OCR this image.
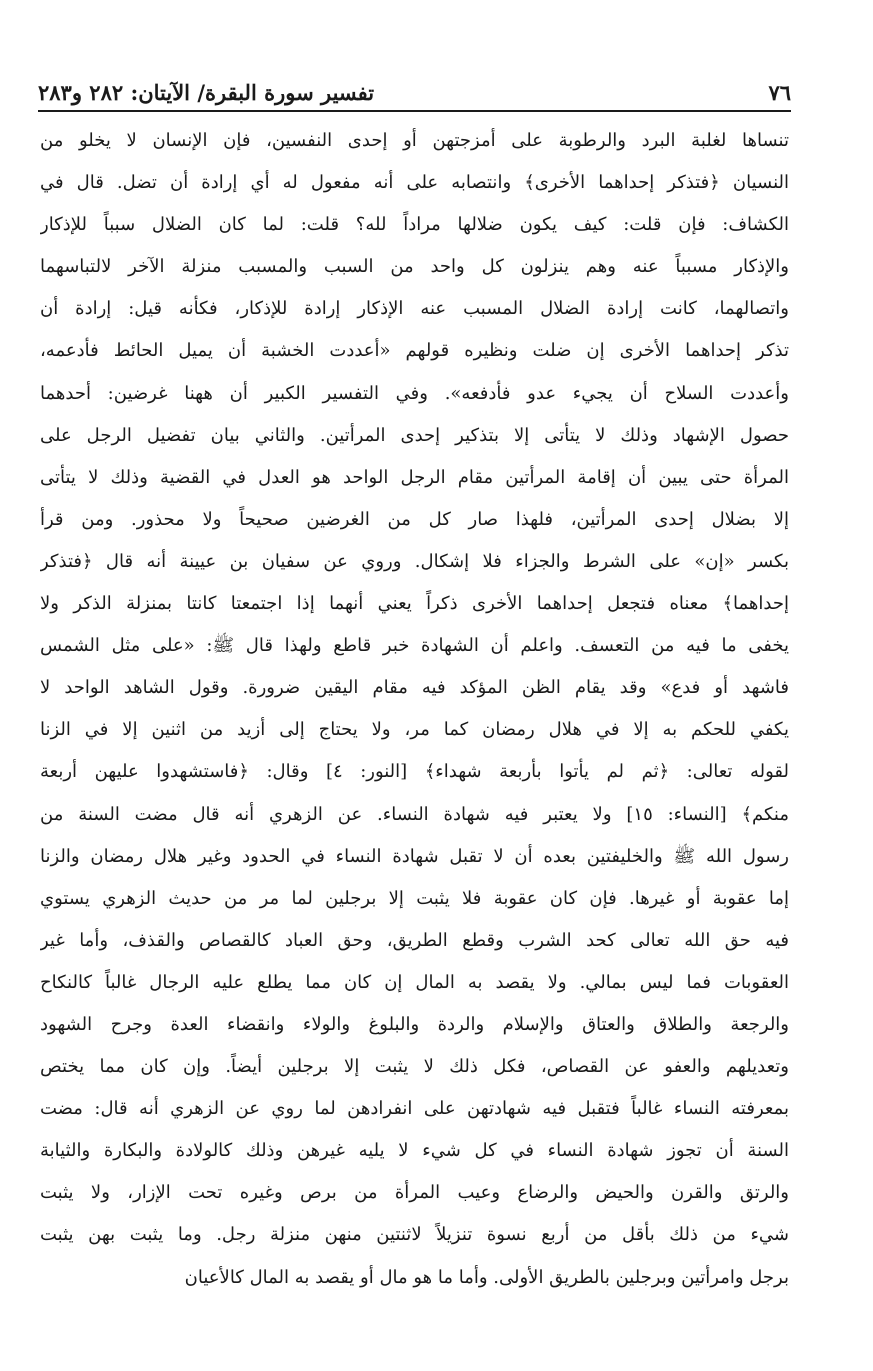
٧٦
تفسير سورة البقرة/ الآيتان: ٢٨٢ و٢٨٣
تنساها لغلبة البرد والرطوبة على أمزجتهن أو إحدى النفسين، فإن الإنسان لا يخلو من
النسيان ﴿فتذكر إحداهما الأخرى﴾ وانتصابه على أنه مفعول له أي إرادة أن تضل. قال في
الكشاف: فإن قلت: كيف يكون ضلالها مراداً لله؟ قلت: لما كان الضلال سبباً للإذكار
والإذكار مسبباً عنه وهم ينزلون كل واحد من السبب والمسبب منزلة الآخر لالتباسهما
واتصالهما، كانت إرادة الضلال المسبب عنه الإذكار إرادة للإذكار، فكأنه قيل: إرادة أن
تذكر إحداهما الأخرى إن ضلت ونظيره قولهم «أعددت الخشبة أن يميل الحائط فأدعمه،
وأعددت السلاح أن يجيء عدو فأدفعه». وفي التفسير الكبير أن ههنا غرضين: أحدهما
حصول الإشهاد وذلك لا يتأتى إلا بتذكير إحدى المرأتين. والثاني بيان تفضيل الرجل على
المرأة حتى يبين أن إقامة المرأتين مقام الرجل الواحد هو العدل في القضية وذلك لا يتأتى
إلا بضلال إحدى المرأتين، فلهذا صار كل من الغرضين صحيحاً ولا محذور. ومن قرأ
بكسر «إن» على الشرط والجزاء فلا إشكال. وروي عن سفيان بن عيينة أنه قال ﴿فتذكر
إحداهما﴾ معناه فتجعل إحداهما الأخرى ذكراً يعني أنهما إذا اجتمعتا كانتا بمنزلة الذكر ولا
يخفى ما فيه من التعسف. واعلم أن الشهادة خبر قاطع ولهذا قال ﷺ: «على مثل الشمس
فاشهد أو فدع» وقد يقام الظن المؤكد فيه مقام اليقين ضرورة. وقول الشاهد الواحد لا
يكفي للحكم به إلا في هلال رمضان كما مر، ولا يحتاج إلى أزيد من اثنين إلا في الزنا
لقوله تعالى: ﴿ثم لم يأتوا بأربعة شهداء﴾ [النور: ٤] وقال: ﴿فاستشهدوا عليهن أربعة
منكم﴾ [النساء: ١٥] ولا يعتبر فيه شهادة النساء. عن الزهري أنه قال مضت السنة من
رسول الله ﷺ والخليفتين بعده أن لا تقبل شهادة النساء في الحدود وغير هلال رمضان والزنا
إما عقوبة أو غيرها. فإن كان عقوبة فلا يثبت إلا برجلين لما مر من حديث الزهري يستوي
فيه حق الله تعالى كحد الشرب وقطع الطريق، وحق العباد كالقصاص والقذف، وأما غير
العقوبات فما ليس بمالي. ولا يقصد به المال إن كان مما يطلع عليه الرجال غالباً كالنكاح
والرجعة والطلاق والعتاق والإسلام والردة والبلوغ والولاء وانقضاء العدة وجرح الشهود
وتعديلهم والعفو عن القصاص، فكل ذلك لا يثبت إلا برجلين أيضاً. وإن كان مما يختص
بمعرفته النساء غالباً فتقبل فيه شهادتهن على انفرادهن لما روي عن الزهري أنه قال: مضت
السنة أن تجوز شهادة النساء في كل شيء لا يليه غيرهن وذلك كالولادة والبكارة والثيابة
والرتق والقرن والحيض والرضاع وعيب المرأة من برص وغيره تحت الإزار، ولا يثبت
شيء من ذلك بأقل من أربع نسوة تنزيلاً لاثنتين منهن منزلة رجل. وما يثبت بهن يثبت
برجل وامرأتين وبرجلين بالطريق الأولى. وأما ما هو مال أو يقصد به المال كالأعيان
